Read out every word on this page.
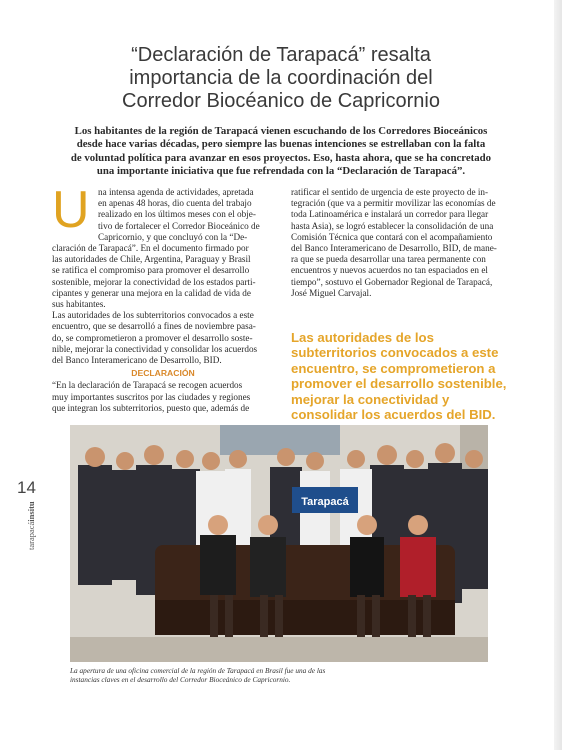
“Declaración de Tarapacá” resalta
importancia de la coordinación del
Corredor Biocéanico de Capricornio
Los habitantes de la región de Tarapacá vienen escuchando de los Corredores Bioceánicos
desde hace varias décadas, pero siempre las buenas intenciones se estrellaban con la falta
de voluntad política para avanzar en esos proyectos. Eso, hasta ahora, que se ha concretado
una importante iniciativa que fue refrendada con la “Declaración de Tarapacá”.
U na intensa agenda de actividades, apretada
en apenas 48 horas, dio cuenta del trabajo
realizado en los últimos meses con el obje-
tivo de fortalecer el Corredor Bioceánico de
Capricornio, y que concluyó con la “De-
claración de Tarapacá”. En el documento firmado por
las autoridades de Chile, Argentina, Paraguay y Brasil
se ratifica el compromiso para promover el desarrollo
sostenible, mejorar la conectividad de los estados parti-
cipantes y generar una mejora en la calidad de vida de
sus habitantes.
Las autoridades de los subterritorios convocados a este
encuentro, que se desarrolló a fines de noviembre pasa-
do, se comprometieron a promover el desarrollo soste-
nible, mejorar la conectividad y consolidar los acuerdos
del Banco Interamericano de Desarrollo, BID.
DECLARACIÓN
“En la declaración de Tarapacá se recogen acuerdos
muy importantes suscritos por las ciudades y regiones
que integran los subterritorios, puesto que, además de
ratificar el sentido de urgencia de este proyecto de in-
tegración (que va a permitir movilizar las economías de
toda Latinoamérica e instalará un corredor para llegar
hasta Asia), se logró establecer la consolidación de una
Comisión Técnica que contará con el acompañamiento
del Banco Interamericano de Desarrollo, BID, de mane-
ra que se pueda desarrollar una tarea permanente con
encuentros y nuevos acuerdos no tan espaciados en el
tiempo”, sostuvo el Gobernador Regional de Tarapacá,
José Miguel Carvajal.
Las autoridades de los
subterritorios convocados a este
encuentro, se comprometieron a
promover el desarrollo sostenible,
mejorar la conectividad y
consolidar los acuerdos del BID.
Tarapacá
La apertura de una oficina comercial de la región de Tarapacá en Brasil fue una de las
instancias claves en el desarrollo del Corredor Bioceánico de Capricornio.
14
tarapacáinsitu
